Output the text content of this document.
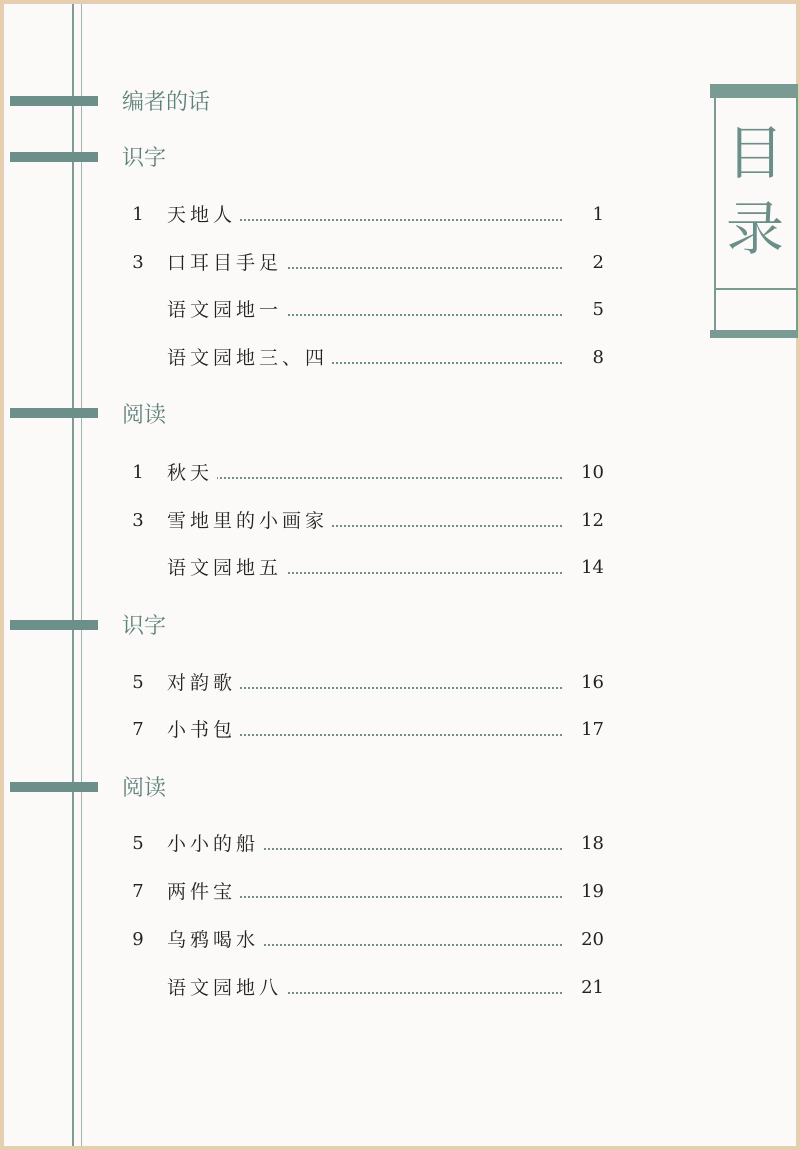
目
录
编者的话
识字
阅读
识字
阅读
1	天地人	1
3	口耳目手足	2
语文园地一	5
语文园地三、四	8
1	秋天	10
3	雪地里的小画家	12
语文园地五	14
5	对韵歌	16
7	小书包	17
5	小小的船	18
7	两件宝	19
9	乌鸦喝水	20
语文园地八	21
